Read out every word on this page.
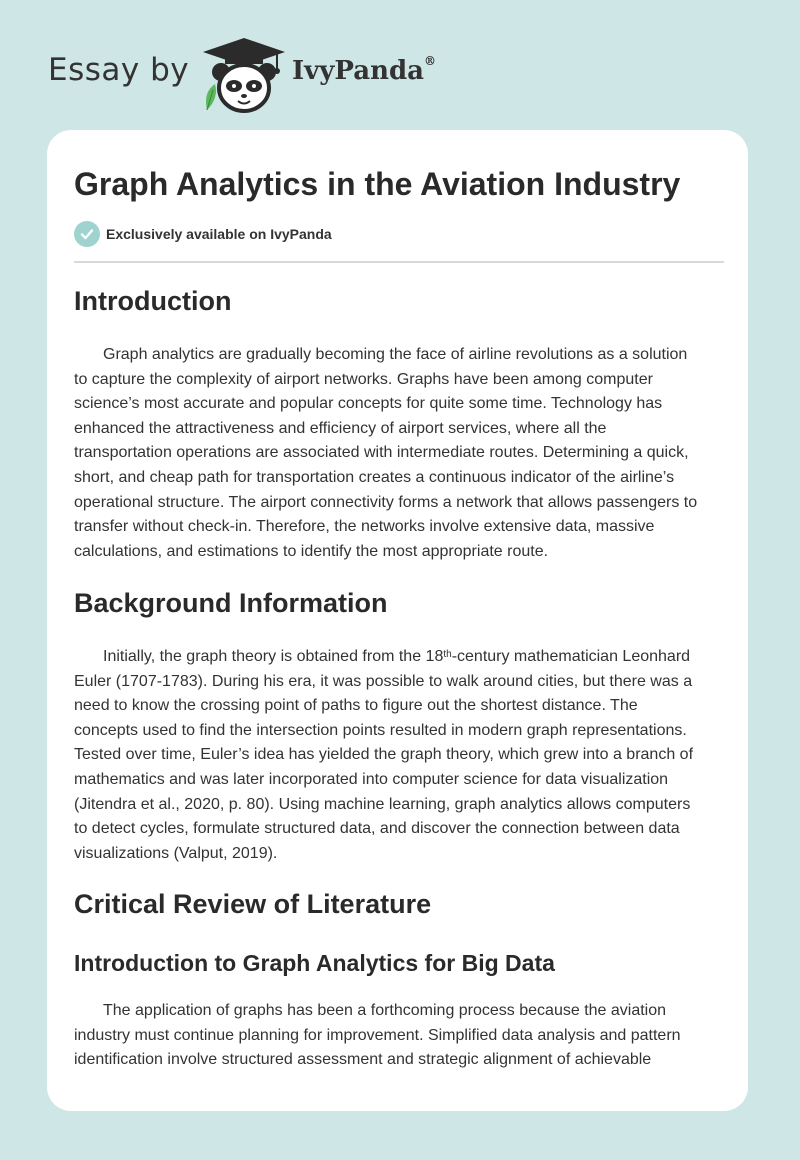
Essay by	IvyPanda®
Graph Analytics in the Aviation Industry
Exclusively available on IvyPanda
Introduction
Graph analytics are gradually becoming the face of airline revolutions as a solution
to capture the complexity of airport networks. Graphs have been among computer
science’s most accurate and popular concepts for quite some time. Technology has
enhanced the attractiveness and efficiency of airport services, where all the
transportation operations are associated with intermediate routes. Determining a quick,
short, and cheap path for transportation creates a continuous indicator of the airline’s
operational structure. The airport connectivity forms a network that allows passengers to
transfer without check-in. Therefore, the networks involve extensive data, massive
calculations, and estimations to identify the most appropriate route.
Background Information
Initially, the graph theory is obtained from the 18th-century mathematician Leonhard
Euler (1707-1783). During his era, it was possible to walk around cities, but there was a
need to know the crossing point of paths to figure out the shortest distance. The
concepts used to find the intersection points resulted in modern graph representations.
Tested over time, Euler’s idea has yielded the graph theory, which grew into a branch of
mathematics and was later incorporated into computer science for data visualization
(Jitendra et al., 2020, p. 80). Using machine learning, graph analytics allows computers
to detect cycles, formulate structured data, and discover the connection between data
visualizations (Valput, 2019).
Critical Review of Literature
Introduction to Graph Analytics for Big Data
The application of graphs has been a forthcoming process because the aviation
industry must continue planning for improvement. Simplified data analysis and pattern
identification involve structured assessment and strategic alignment of achievable
